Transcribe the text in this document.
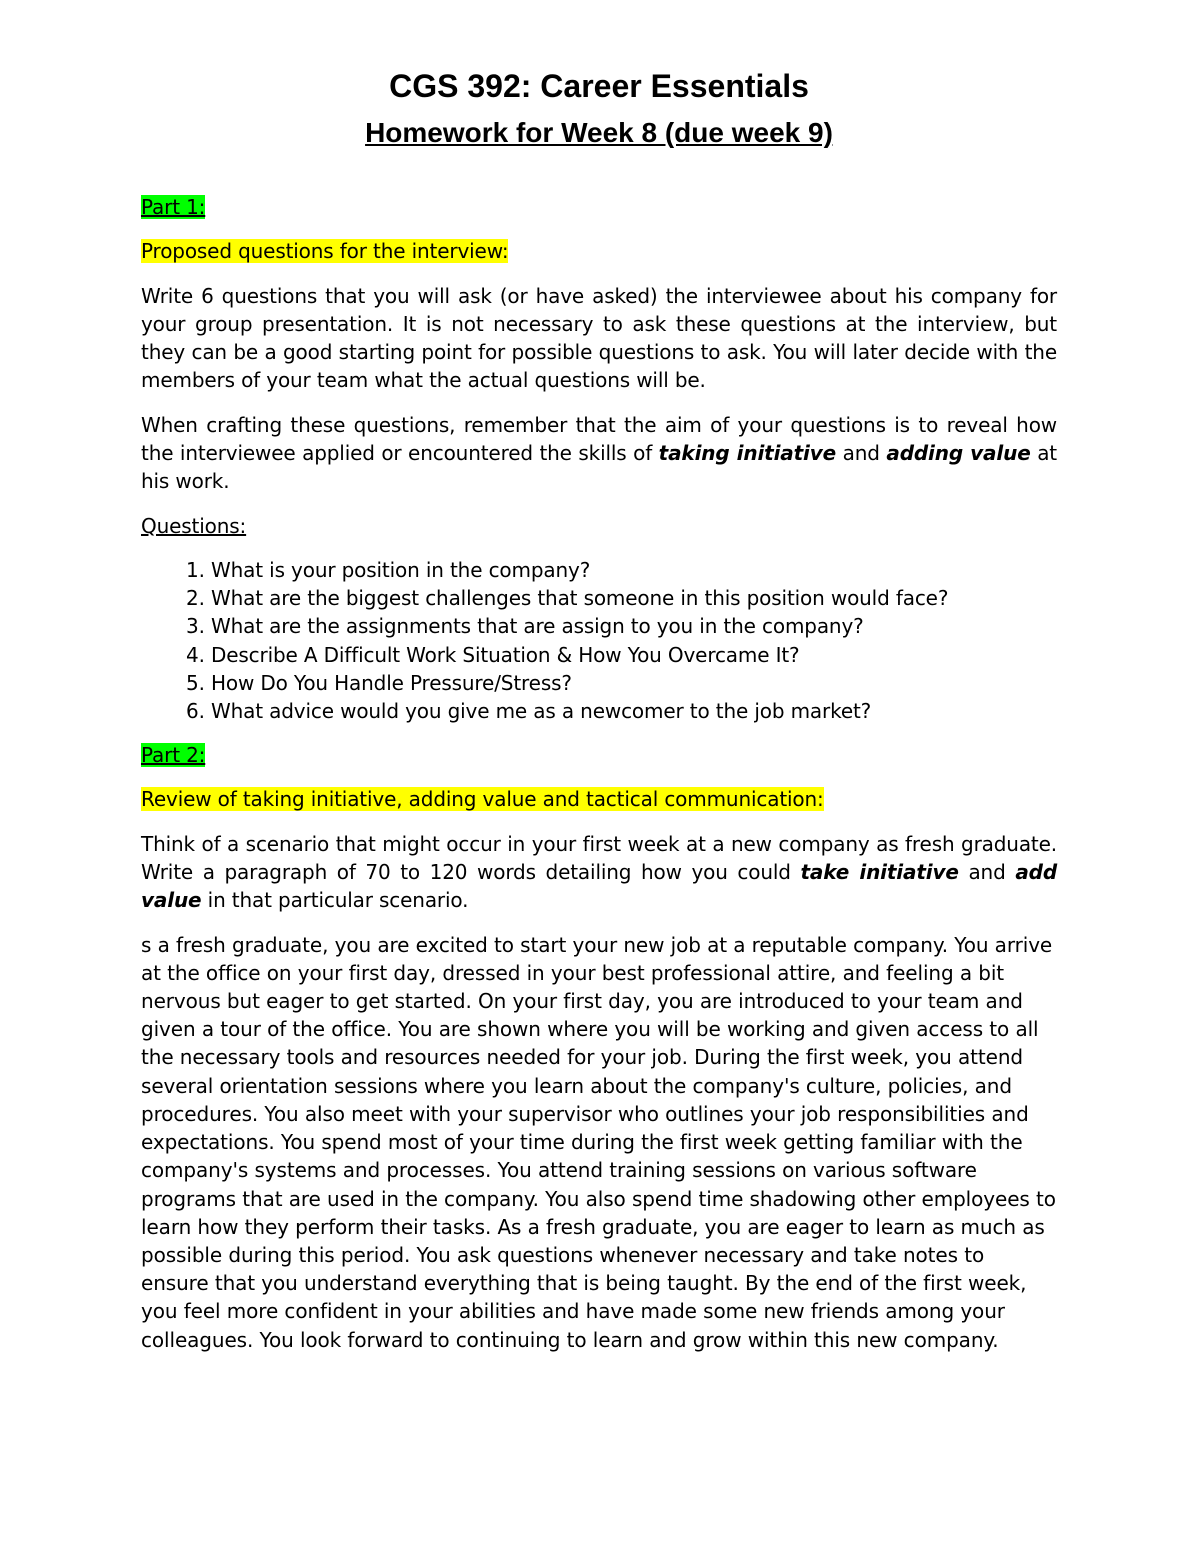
CGS 392: Career Essentials
Homework for Week 8 (due week 9)

Part 1:

Proposed questions for the interview:

Write 6 questions that you will ask (or have asked) the interviewee about his company for your group presentation. It is not necessary to ask these questions at the interview, but they can be a good starting point for possible questions to ask. You will later decide with the members of your team what the actual questions will be.

When crafting these questions, remember that the aim of your questions is to reveal how the interviewee applied or encountered the skills of taking initiative and adding value at his work.

Questions:

1. What is your position in the company?
2. What are the biggest challenges that someone in this position would face?
3. What are the assignments that are assign to you in the company?
4. Describe A Difficult Work Situation & How You Overcame It?
5. How Do You Handle Pressure/Stress?
6. What advice would you give me as a newcomer to the job market?

Part 2:

Review of taking initiative, adding value and tactical communication:

Think of a scenario that might occur in your first week at a new company as fresh graduate. Write a paragraph of 70 to 120 words detailing how you could take initiative and add value in that particular scenario.

s a fresh graduate, you are excited to start your new job at a reputable company. You arrive at the office on your first day, dressed in your best professional attire, and feeling a bit nervous but eager to get started. On your first day, you are introduced to your team and given a tour of the office. You are shown where you will be working and given access to all the necessary tools and resources needed for your job. During the first week, you attend several orientation sessions where you learn about the company's culture, policies, and procedures. You also meet with your supervisor who outlines your job responsibilities and expectations. You spend most of your time during the first week getting familiar with the company's systems and processes. You attend training sessions on various software programs that are used in the company. You also spend time shadowing other employees to learn how they perform their tasks. As a fresh graduate, you are eager to learn as much as possible during this period. You ask questions whenever necessary and take notes to ensure that you understand everything that is being taught. By the end of the first week, you feel more confident in your abilities and have made some new friends among your colleagues. You look forward to continuing to learn and grow within this new company.
